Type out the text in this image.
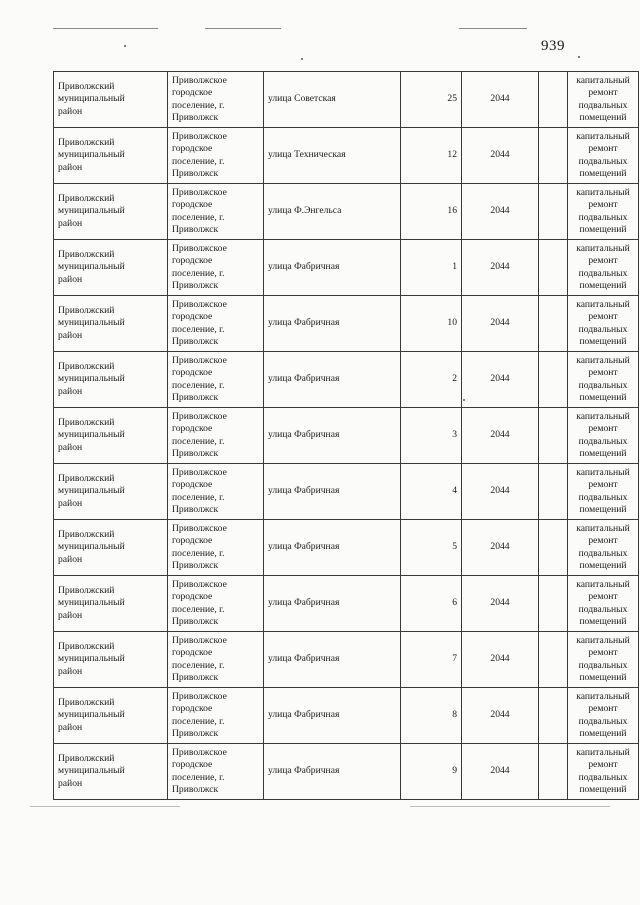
939
Приволжский
муниципальный
район	Приволжское
городское
поселение, г.
Приволжск	улица Советская	25	2044		капитальный
ремонт
подвальных
помещений

Приволжский
муниципальный
район	Приволжское
городское
поселение, г.
Приволжск	улица Техническая	12	2044		капитальный
ремонт
подвальных
помещений

Приволжский
муниципальный
район	Приволжское
городское
поселение, г.
Приволжск	улица Ф.Энгельса	16	2044		капитальный
ремонт
подвальных
помещений

Приволжский
муниципальный
район	Приволжское
городское
поселение, г.
Приволжск	улица Фабричная	1	2044		капитальный
ремонт
подвальных
помещений

Приволжский
муниципальный
район	Приволжское
городское
поселение, г.
Приволжск	улица Фабричная	10	2044		капитальный
ремонт
подвальных
помещений

Приволжский
муниципальный
район	Приволжское
городское
поселение, г.
Приволжск	улица Фабричная	2	2044		капитальный
ремонт
подвальных
помещений

Приволжский
муниципальный
район	Приволжское
городское
поселение, г.
Приволжск	улица Фабричная	3	2044		капитальный
ремонт
подвальных
помещений

Приволжский
муниципальный
район	Приволжское
городское
поселение, г.
Приволжск	улица Фабричная	4	2044		капитальный
ремонт
подвальных
помещений

Приволжский
муниципальный
район	Приволжское
городское
поселение, г.
Приволжск	улица Фабричная	5	2044		капитальный
ремонт
подвальных
помещений

Приволжский
муниципальный
район	Приволжское
городское
поселение, г.
Приволжск	улица Фабричная	6	2044		капитальный
ремонт
подвальных
помещений

Приволжский
муниципальный
район	Приволжское
городское
поселение, г.
Приволжск	улица Фабричная	7	2044		капитальный
ремонт
подвальных
помещений

Приволжский
муниципальный
район	Приволжское
городское
поселение, г.
Приволжск	улица Фабричная	8	2044		капитальный
ремонт
подвальных
помещений

Приволжский
муниципальный
район	Приволжское
городское
поселение, г.
Приволжск	улица Фабричная	9	2044		капитальный
ремонт
подвальных
помещений
